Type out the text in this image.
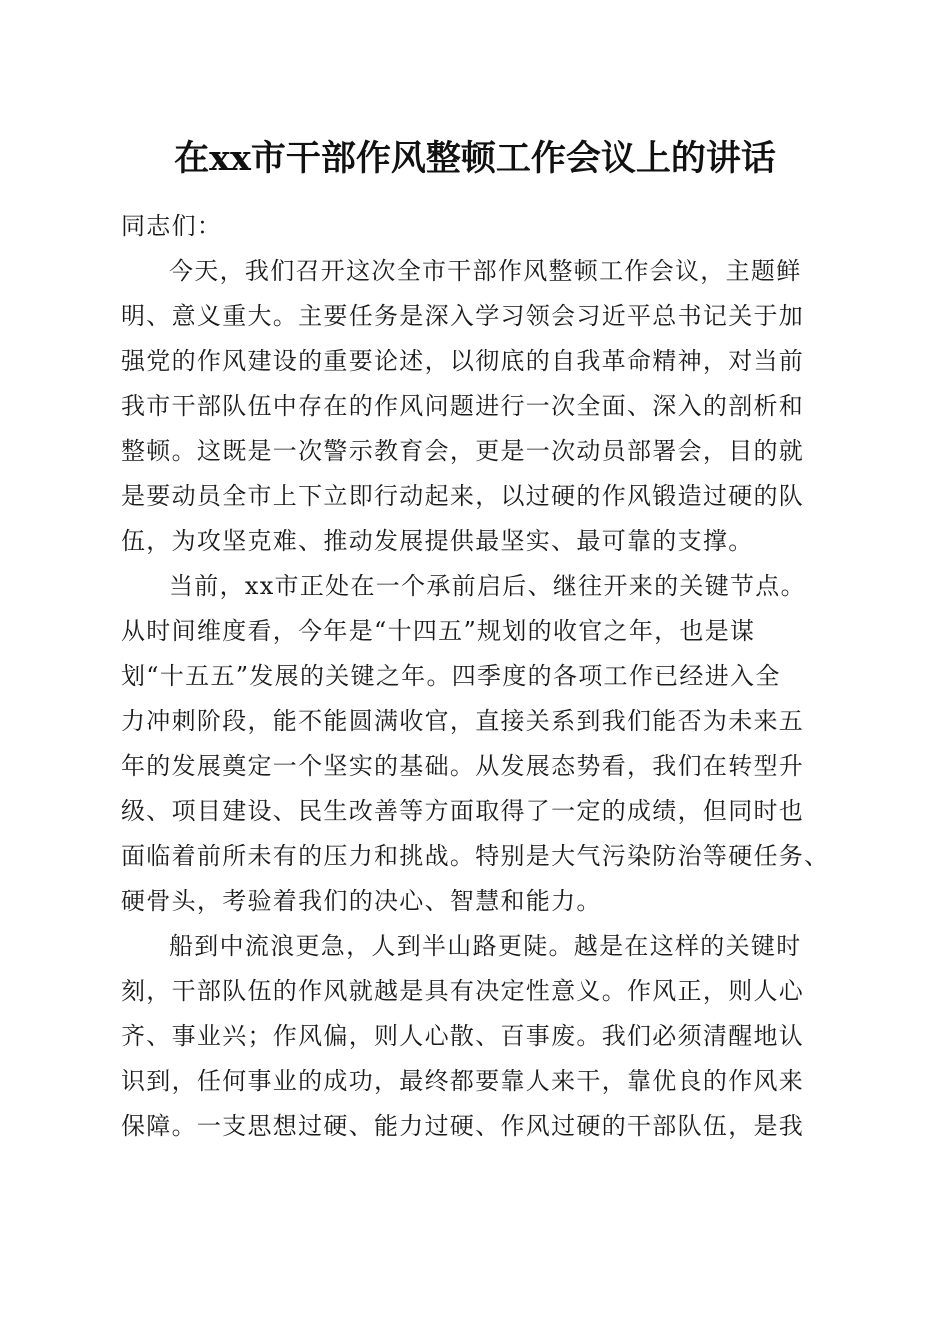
在xx市干部作风整顿工作会议上的讲话
同志们：
今天，我们召开这次全市干部作风整顿工作会议，主题鲜
明、意义重大。主要任务是深入学习领会习近平总书记关于加
强党的作风建设的重要论述，以彻底的自我革命精神，对当前
我市干部队伍中存在的作风问题进行一次全面、深入的剖析和
整顿。这既是一次警示教育会，更是一次动员部署会，目的就
是要动员全市上下立即行动起来，以过硬的作风锻造过硬的队
伍，为攻坚克难、推动发展提供最坚实、最可靠的支撑。
当前，xx市正处在一个承前启后、继往开来的关键节点。
从时间维度看，今年是“十四五”规划的收官之年，也是谋
划“十五五”发展的关键之年。四季度的各项工作已经进入全
力冲刺阶段，能不能圆满收官，直接关系到我们能否为未来五
年的发展奠定一个坚实的基础。从发展态势看，我们在转型升
级、项目建设、民生改善等方面取得了一定的成绩，但同时也
面临着前所未有的压力和挑战。特别是大气污染防治等硬任务、
硬骨头，考验着我们的决心、智慧和能力。
船到中流浪更急，人到半山路更陡。越是在这样的关键时
刻，干部队伍的作风就越是具有决定性意义。作风正，则人心
齐、事业兴；作风偏，则人心散、百事废。我们必须清醒地认
识到，任何事业的成功，最终都要靠人来干，靠优良的作风来
保障。一支思想过硬、能力过硬、作风过硬的干部队伍，是我
